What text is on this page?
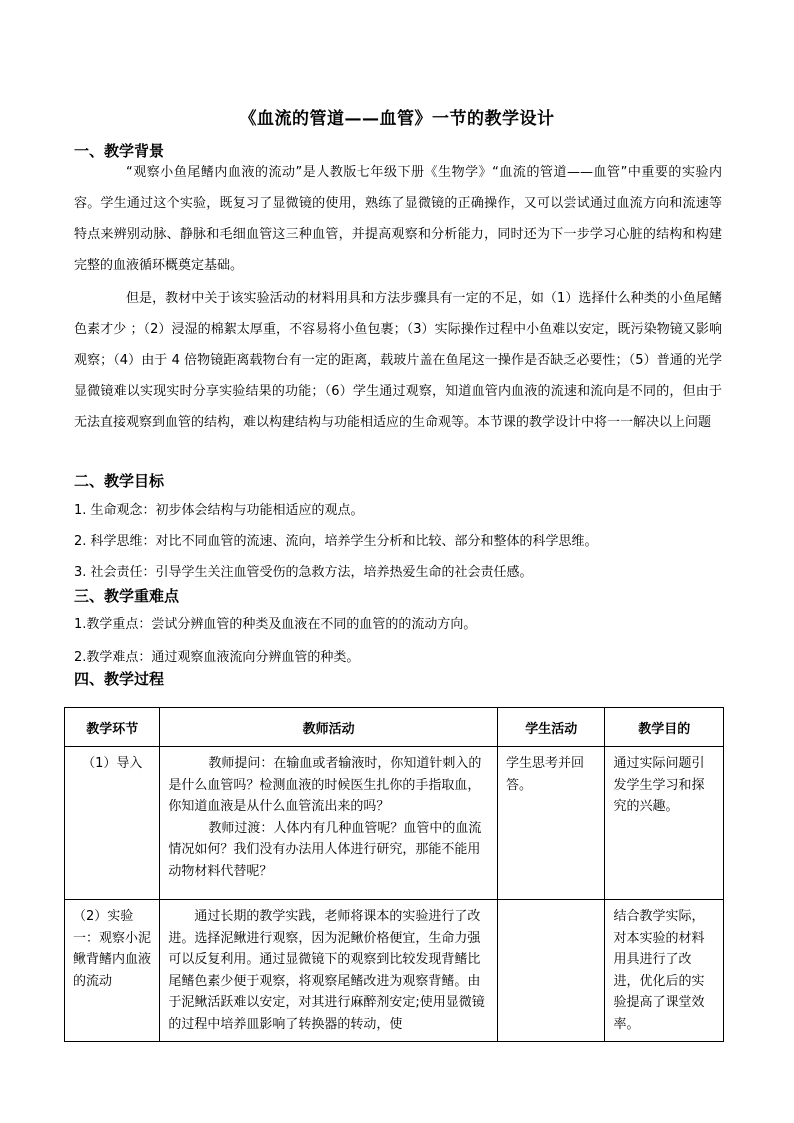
《血流的管道——血管》一节的教学设计
一、教学背景
“观察小鱼尾鳍内血液的流动”是人教版七年级下册《生物学》“血流的管道——血管”中重要的实验内容。学生通过这个实验，既复习了显微镜的使用，熟练了显微镜的正确操作，又可以尝试通过血流方向和流速等特点来辨别动脉、静脉和毛细血管这三种血管，并提高观察和分析能力，同时还为下一步学习心脏的结构和构建完整的血液循环概奠定基础。
但是，教材中关于该实验活动的材料用具和方法步骤具有一定的不足，如（1）选择什么种类的小鱼尾鳍色素才少 ；（2）浸湿的棉絮太厚重，不容易将小鱼包裹；（3）实际操作过程中小鱼难以安定，既污染物镜又影响观察；（4）由于 4 倍物镜距离载物台有一定的距离，载玻片盖在鱼尾这一操作是否缺乏必要性；（5）普通的光学显微镜难以实现实时分享实验结果的功能；（6）学生通过观察，知道血管内血液的流速和流向是不同的，但由于无法直接观察到血管的结构，难以构建结构与功能相适应的生命观等。本节课的教学设计中将一一解决以上问题
二、教学目标
1. 生命观念：初步体会结构与功能相适应的观点。
2. 科学思维：对比不同血管的流速、流向，培养学生分析和比较、部分和整体的科学思维。
3. 社会责任：引导学生关注血管受伤的急救方法，培养热爱生命的社会责任感。
三、教学重难点
1.教学重点：尝试分辨血管的种类及血液在不同的血管的的流动方向。
2.教学难点：通过观察血液流向分辨血管的种类。
四、教学过程
教学环节	教师活动	学生活动	教学目的
（1）导入	教师提问：在输血或者输液时，你知道针刺入的是什么血管吗？检测血液的时候医生扎你的手指取血，你知道血液是从什么血管流出来的吗？

教师过渡：人体内有几种血管呢？血管中的血流情况如何？我们没有办法用人体进行研究，那能不能用动物材料代替呢？	学生思考并回答。	通过实际问题引发学生学习和探究的兴趣。
（2）实验一：观察小泥鳅背鳍内血液的流动	通过长期的教学实践，老师将课本的实验进行了改进。选择泥鳅进行观察，因为泥鳅价格便宜，生命力强可以反复利用。通过显微镜下的观察到比较发现背鳍比尾鳍色素少便于观察，将观察尾鳍改进为观察背鳍。由于泥鳅活跃难以安定，对其进行麻醉剂安定;使用显微镜的过程中培养皿影响了转换器的转动，使		结合教学实际，对本实验的材料用具进行了改进，优化后的实验提高了课堂效率。
